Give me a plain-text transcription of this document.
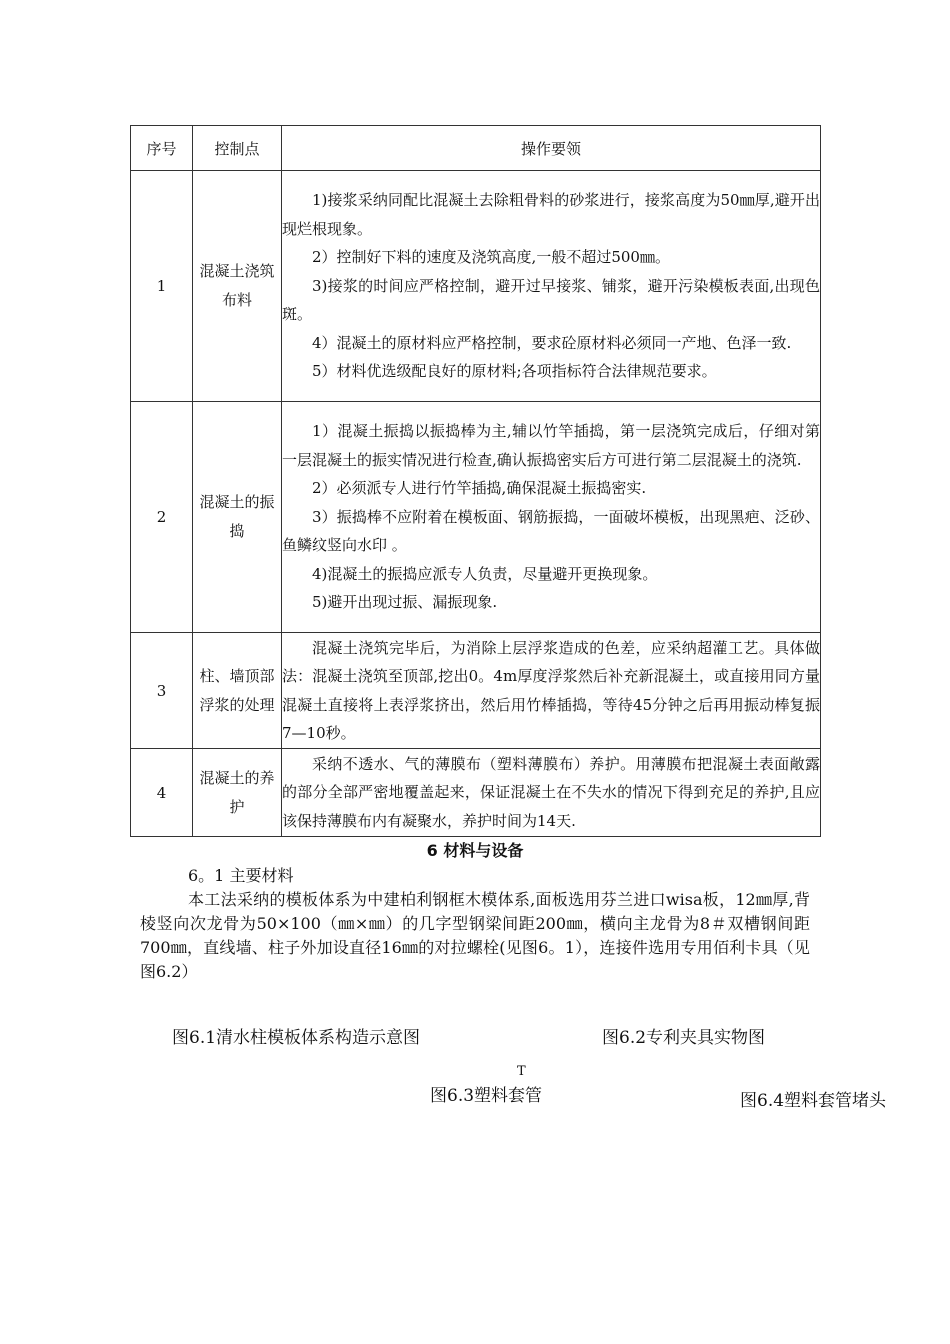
序号	控制点	操作要领
1	混凝土浇筑布料	1)接浆采纳同配比混凝土去除粗骨料的砂浆进行，接浆高度为50㎜厚,避开出现烂根现象。

2）控制好下料的速度及浇筑高度,一般不超过500㎜。

3)接浆的时间应严格控制，避开过早接浆、铺浆，避开污染模板表面,出现色斑。

4）混凝土的原材料应严格控制，要求砼原材料必须同一产地、色泽一致.

5）材料优选级配良好的原材料;各项指标符合法律规范要求。

2	混凝土的振捣	1）混凝土振捣以振捣棒为主,辅以竹竿插捣，第一层浇筑完成后，仔细对第一层混凝土的振实情况进行检查,确认振捣密实后方可进行第二层混凝土的浇筑.

2）必须派专人进行竹竿插捣,确保混凝土振捣密实.

3）振捣棒不应附着在模板面、钢筋振捣，一面破坏模板，出现黑疤、泛砂、鱼鳞纹竖向水印 。

4)混凝土的振捣应派专人负责，尽量避开更换现象。

5)避开出现过振、漏振现象.

3	柱、墙顶部浮浆的处理	混凝土浇筑完毕后，为消除上层浮浆造成的色差，应采纳超灌工艺。具体做法：混凝土浇筑至顶部,挖出0。4m厚度浮浆然后补充新混凝土，或直接用同方量混凝土直接将上表浮浆挤出，然后用竹棒插捣，等待45分钟之后再用振动棒复振7—10秒。

4	混凝土的养护	采纳不透水、气的薄膜布（塑料薄膜布）养护。用薄膜布把混凝土表面敞露的部分全部严密地覆盖起来，保证混凝土在不失水的情况下得到充足的养护,且应该保持薄膜布内有凝聚水，养护时间为14天.

6 材料与设备
6。1 主要材料

本工法采纳的模板体系为中建柏利钢框木模体系,面板选用芬兰进口wisa板，12㎜厚,背棱竖向次龙骨为50×100（㎜×㎜）的几字型钢梁间距200㎜，横向主龙骨为8＃双槽钢间距700㎜，直线墙、柱子外加设直径16㎜的对拉螺栓(见图6。1），连接件选用专用佰利卡具（见图6.2）

图6.1清水柱模板体系构造示意图	图6.2专利夹具实物图
T
图6.3塑料套管	图6.4塑料套管堵头
